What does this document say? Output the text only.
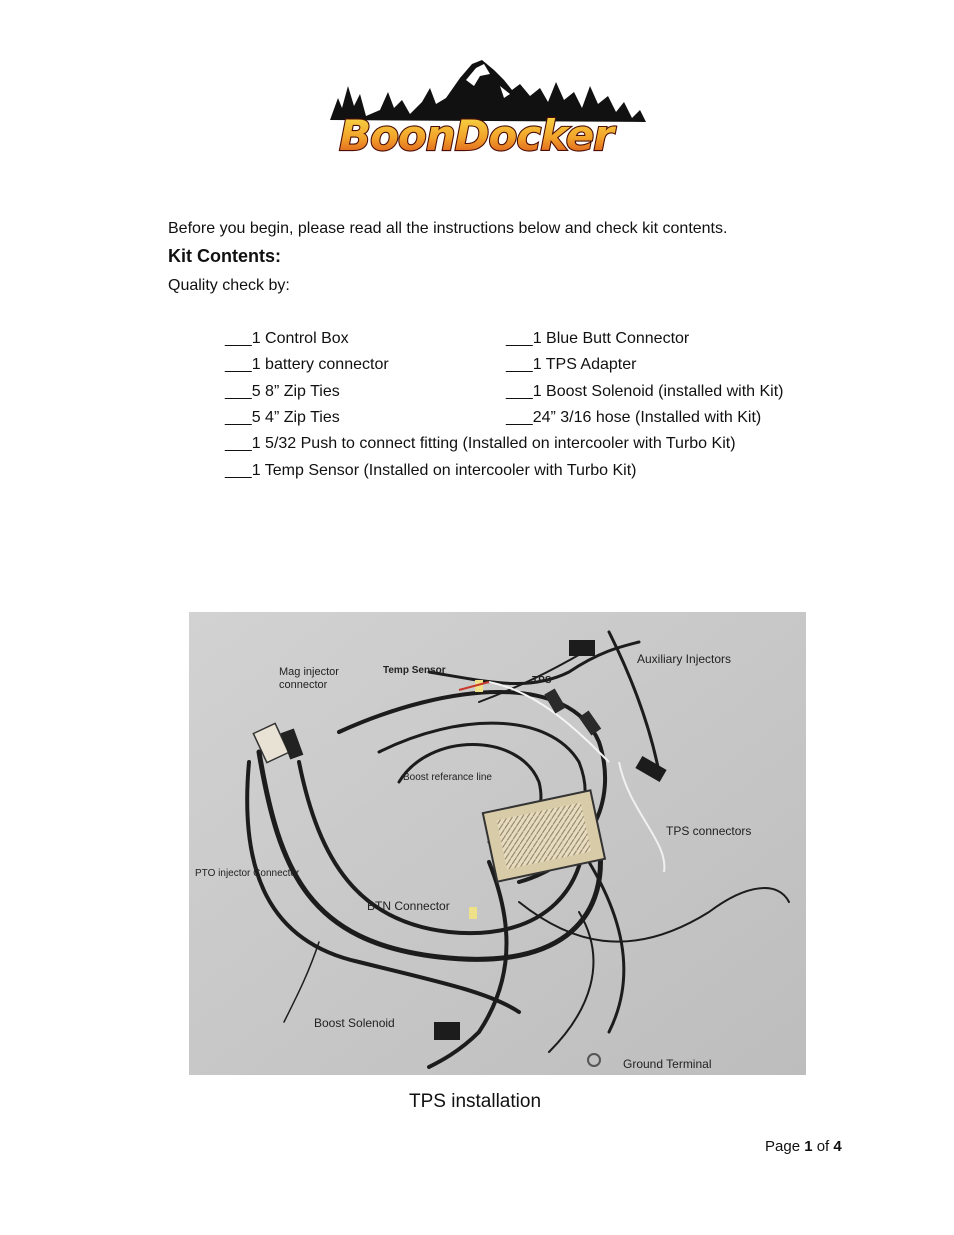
BoonDocker
Before you begin, please read all the instructions below and check kit contents.
Kit Contents:
Quality check by:
___1 Control Box
___1 battery connector
___5 8” Zip Ties
___5 4” Zip Ties
___1 Blue Butt Connector
___1 TPS Adapter
___1 Boost Solenoid (installed with Kit)
___24” 3/16 hose (Installed with Kit)
___1 5/32 Push to connect fitting (Installed on intercooler with Turbo Kit)
___1 Temp Sensor (Installed on intercooler with Turbo Kit)
Mag injector
connector
Temp Sensor
TPS
Auxiliary Injectors
Boost referance line
TPS connectors
PTO injector Connector
BTN Connector
Boost Solenoid
Ground Terminal
TPS installation
Page 1 of 4
